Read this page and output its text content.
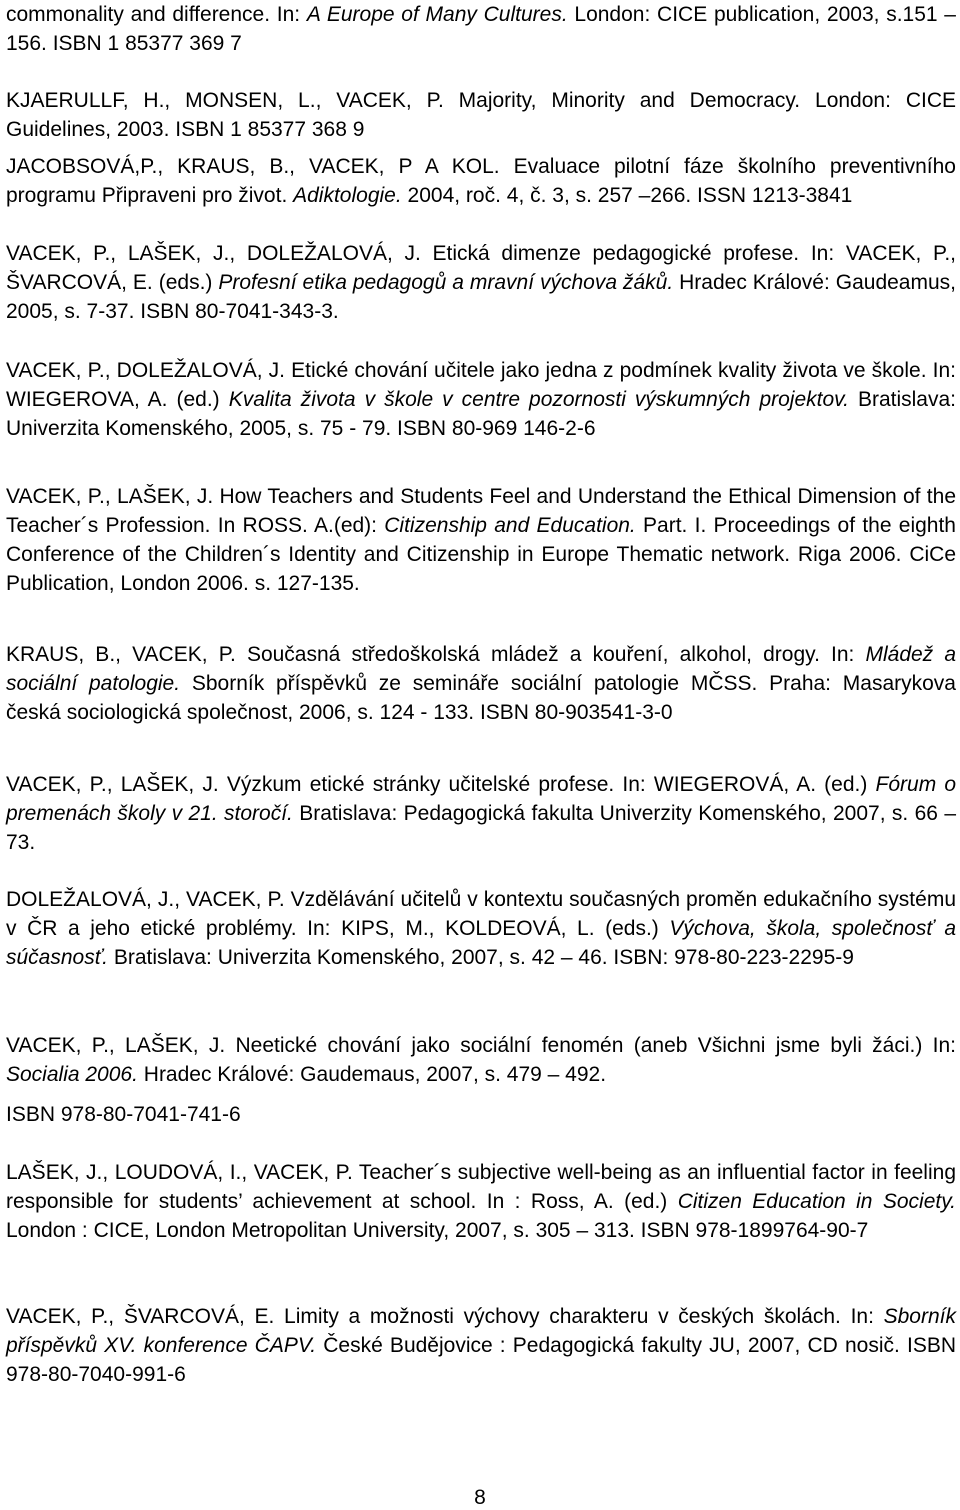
commonality and difference. In: A Europe of Many Cultures. London: CICE publication, 2003, s.151 – 156. ISBN 1 85377 369 7
KJAERULLF, H., MONSEN, L., VACEK, P. Majority, Minority and Democracy. London: CICE Guidelines, 2003. ISBN 1 85377 368 9
JACOBSOVÁ,P., KRAUS, B., VACEK, P A KOL. Evaluace pilotní fáze školního preventivního programu Připraveni pro život. Adiktologie. 2004, roč. 4, č. 3, s. 257 –266. ISSN 1213-3841
VACEK, P., LAŠEK, J., DOLEŽALOVÁ, J. Etická dimenze pedagogické profese. In: VACEK, P., ŠVARCOVÁ, E. (eds.) Profesní etika pedagogů a mravní výchova žáků. Hradec Králové: Gaudeamus, 2005, s. 7-37. ISBN 80-7041-343-3.
VACEK, P., DOLEŽALOVÁ, J. Etické chování učitele jako jedna z podmínek kvality života ve škole. In: WIEGEROVA, A. (ed.) Kvalita života v škole v centre pozornosti výskumných projektov. Bratislava: Univerzita Komenského, 2005, s. 75 - 79. ISBN 80-969 146-2-6
VACEK, P., LAŠEK, J. How Teachers and Students Feel and Understand the Ethical Dimension of the Teacher´s Profession. In ROSS. A.(ed): Citizenship and Education. Part. I. Proceedings of the eighth Conference of the Children´s Identity and Citizenship in Europe Thematic network. Riga 2006. CiCe Publication, London 2006. s. 127-135.
KRAUS, B., VACEK, P. Současná středoškolská mládež a kouření, alkohol, drogy. In: Mládež a sociální patologie. Sborník příspěvků ze semináře sociální patologie MČSS. Praha: Masarykova česká sociologická společnost, 2006, s. 124 - 133. ISBN 80-903541-3-0
VACEK, P., LAŠEK, J. Výzkum etické stránky učitelské profese. In: WIEGEROVÁ, A. (ed.) Fórum o premenách školy v 21. storočí. Bratislava: Pedagogická fakulta Univerzity Komenského, 2007, s. 66 –73.
DOLEŽALOVÁ, J., VACEK, P. Vzdělávání učitelů v kontextu současných proměn edukačního systému v ČR a jeho etické problémy. In: KIPS, M., KOLDEOVÁ, L. (eds.) Výchova, škola, společnosť a súčasnosť. Bratislava: Univerzita Komenského, 2007, s. 42 – 46. ISBN: 978-80-223-2295-9
VACEK, P., LAŠEK, J. Neetické chování jako sociální fenomén (aneb Všichni jsme byli žáci.) In: Socialia 2006. Hradec Králové: Gaudemaus, 2007, s. 479 – 492.
ISBN 978-80-7041-741-6
LAŠEK, J., LOUDOVÁ, I., VACEK, P. Teacher´s subjective well-being as an influential factor in feeling responsible for students’ achievement at school. In : Ross, A. (ed.) Citizen Education in Society. London : CICE, London Metropolitan University, 2007, s. 305 – 313. ISBN 978-1899764-90-7
VACEK, P., ŠVARCOVÁ, E. Limity a možnosti výchovy charakteru v českých školách. In: Sborník příspěvků XV. konference ČAPV. České Budějovice : Pedagogická fakulty JU, 2007, CD nosič. ISBN 978-80-7040-991-6
8
